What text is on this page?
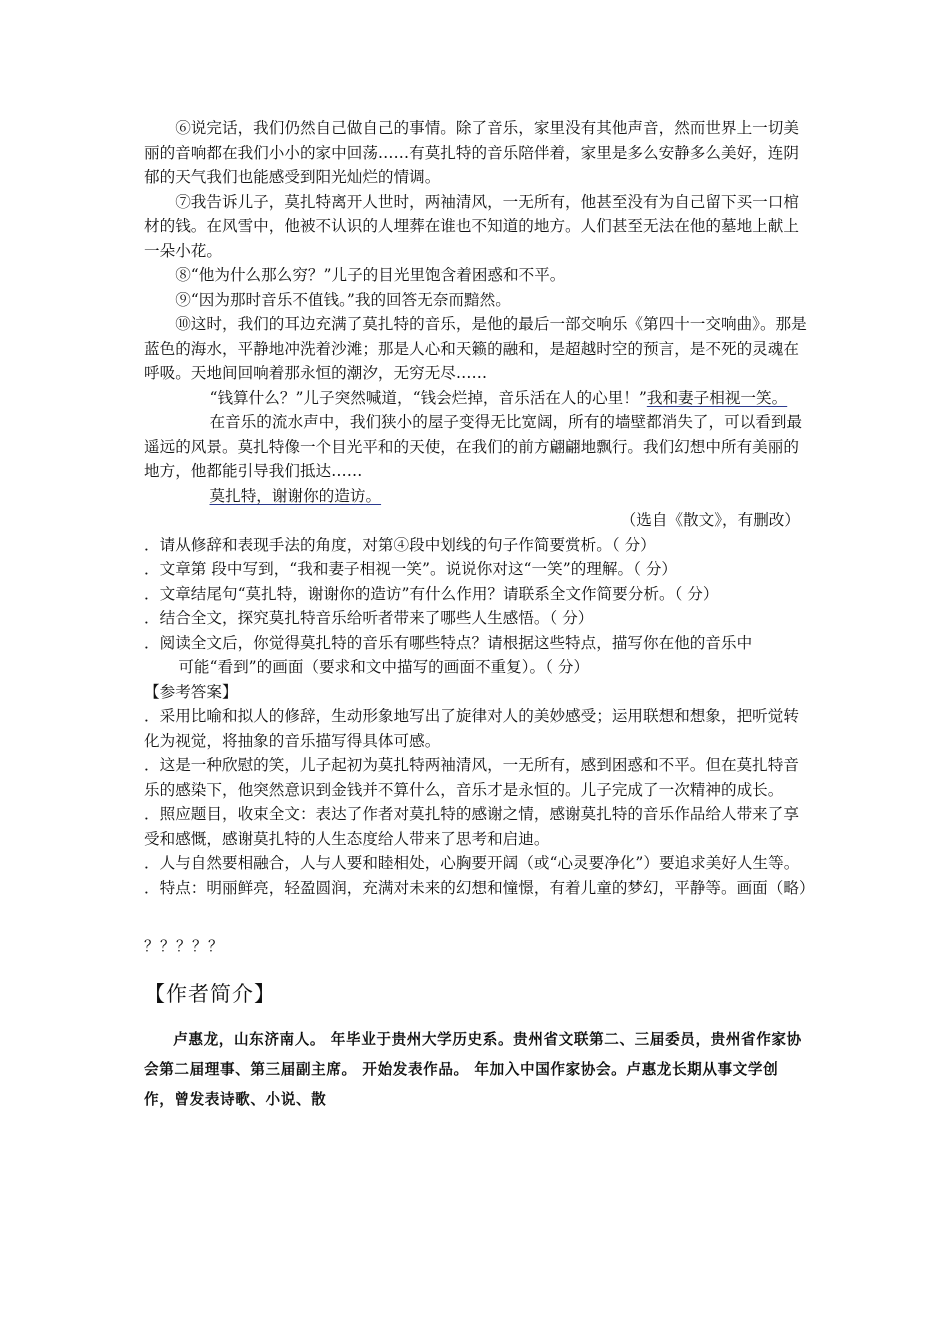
⑥说完话，我们仍然自己做自己的事情。除了音乐，家里没有其他声音，然而世界上一切美丽的音响都在我们小小的家中回荡……有莫扎特的音乐陪伴着，家里是多么安静多么美好，连阴郁的天气我们也能感受到阳光灿烂的情调。

⑦我告诉儿子，莫扎特离开人世时，两袖清风，一无所有，他甚至没有为自己留下买一口棺材的钱。在风雪中，他被不认识的人埋葬在谁也不知道的地方。人们甚至无法在他的墓地上献上一朵小花。

⑧“他为什么那么穷？”儿子的目光里饱含着困惑和不平。

⑨“因为那时音乐不值钱。”我的回答无奈而黯然。

⑩这时，我们的耳边充满了莫扎特的音乐，是他的最后一部交响乐《第四十一交响曲》。那是蓝色的海水，平静地冲洗着沙滩；那是人心和天籁的融和，是超越时空的预言，是不死的灵魂在呼吸。天地间回响着那永恒的潮汐，无穷无尽……

“钱算什么？”儿子突然喊道，“钱会烂掉，音乐活在人的心里！”我和妻子相视一笑。

在音乐的流水声中，我们狭小的屋子变得无比宽阔，所有的墙壁都消失了，可以看到最遥远的风景。莫扎特像一个目光平和的天使，在我们的前方翩翩地飘行。我们幻想中所有美丽的地方，他都能引导我们抵达……

莫扎特，谢谢你的造访。

（选自《散文》，有删改）

．请从修辞和表现手法的角度，对第④段中划线的句子作简要赏析。（ 分）

．文章第 段中写到，“我和妻子相视一笑”。说说你对这“一笑”的理解。（ 分）

．文章结尾句“莫扎特，谢谢你的造访”有什么作用？请联系全文作简要分析。（ 分）

．结合全文，探究莫扎特音乐给听者带来了哪些人生感悟。（ 分）

．阅读全文后，你觉得莫扎特的音乐有哪些特点？请根据这些特点，描写你在他的音乐中

可能“看到”的画面（要求和文中描写的画面不重复）。（ 分）

【参考答案】

．采用比喻和拟人的修辞，生动形象地写出了旋律对人的美妙感受；运用联想和想象，把听觉转化为视觉，将抽象的音乐描写得具体可感。

．这是一种欣慰的笑，儿子起初为莫扎特两袖清风，一无所有，感到困惑和不平。但在莫扎特音乐的感染下，他突然意识到金钱并不算什么，音乐才是永恒的。儿子完成了一次精神的成长。

．照应题目，收束全文：表达了作者对莫扎特的感谢之情，感谢莫扎特的音乐作品给人带来了享受和感慨，感谢莫扎特的人生态度给人带来了思考和启迪。

．人与自然要相融合，人与人要和睦相处，心胸要开阔（或“心灵要净化”）要追求美好人生等。

．特点：明丽鲜亮，轻盈圆润，充满对未来的幻想和憧憬，有着儿童的梦幻，平静等。画面（略）

？？？？？

【作者简介】

卢惠龙，山东济南人。 年毕业于贵州大学历史系。贵州省文联第二、三届委员，贵州省作家协会第二届理事、第三届副主席。 开始发表作品。 年加入中国作家协会。卢惠龙长期从事文学创作，曾发表诗歌、小说、散
